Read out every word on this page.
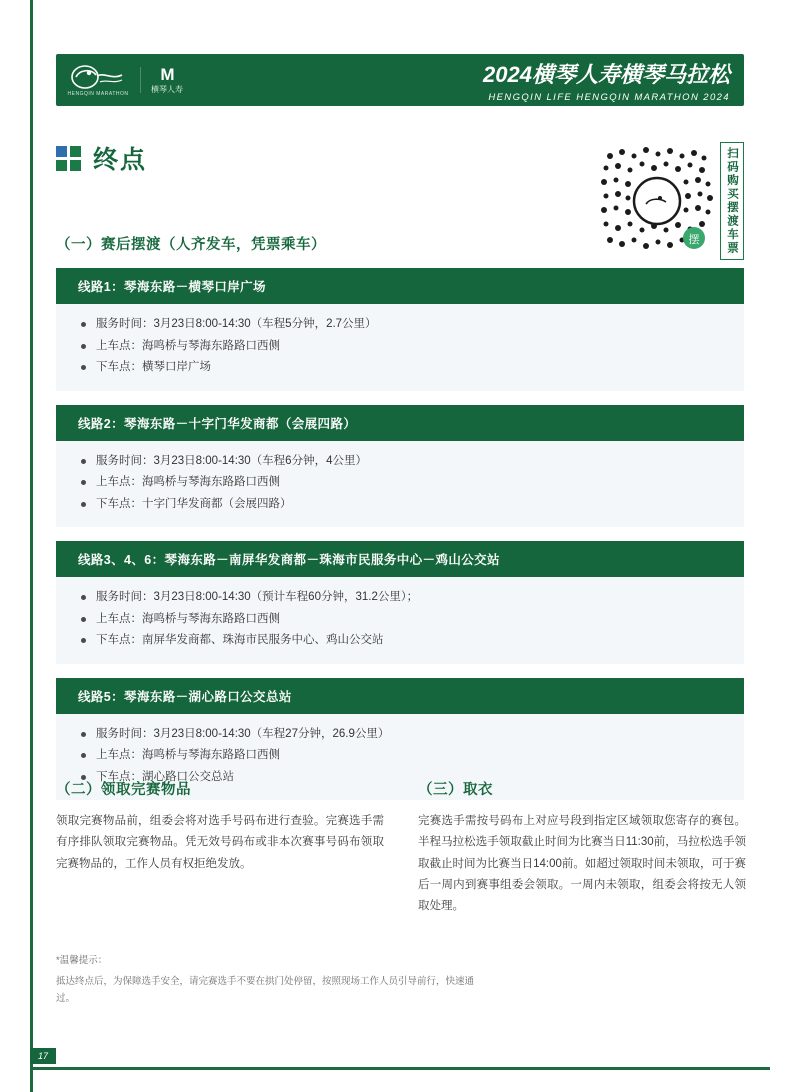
HENGQIN MARATHON
M
横琴人寿
2024横琴人寿横琴马拉松
HENGQIN LIFE HENGQIN MARATHON 2024
终点
摆 扫码购买摆渡车票
（一）赛后摆渡（人齐发车，凭票乘车）
线路1：琴海东路－横琴口岸广场
服务时间：3月23日8:00-14:30（车程5分钟，2.7公里）
上车点：海鸣桥与琴海东路路口西侧
下车点：横琴口岸广场
线路2：琴海东路－十字门华发商都（会展四路）
服务时间：3月23日8:00-14:30（车程6分钟，4公里）
上车点：海鸣桥与琴海东路路口西侧
下车点：十字门华发商都（会展四路）
线路3、4、6：琴海东路－南屏华发商都－珠海市民服务中心－鸡山公交站
服务时间：3月23日8:00-14:30（预计车程60分钟，31.2公里）；
上车点：海鸣桥与琴海东路路口西侧
下车点：南屏华发商都、珠海市民服务中心、鸡山公交站
线路5：琴海东路－湖心路口公交总站
服务时间：3月23日8:00-14:30（车程27分钟，26.9公里）
上车点：海鸣桥与琴海东路路口西侧
下车点：湖心路口公交总站
（二）领取完赛物品

领取完赛物品前，组委会将对选手号码布进行查验。完赛选手需有序排队领取完赛物品。凭无效号码布或非本次赛事号码布领取完赛物品的，工作人员有权拒绝发放。

（三）取衣

完赛选手需按号码布上对应号段到指定区域领取您寄存的赛包。半程马拉松选手领取截止时间为比赛当日11:30前，马拉松选手领取截止时间为比赛当日14:00前。如超过领取时间未领取，可于赛后一周内到赛事组委会领取。一周内未领取，组委会将按无人领取处理。

*温馨提示：
抵达终点后，为保障选手安全，请完赛选手不要在拱门处停留，按照现场工作人员引导前行，快速通过。
17
